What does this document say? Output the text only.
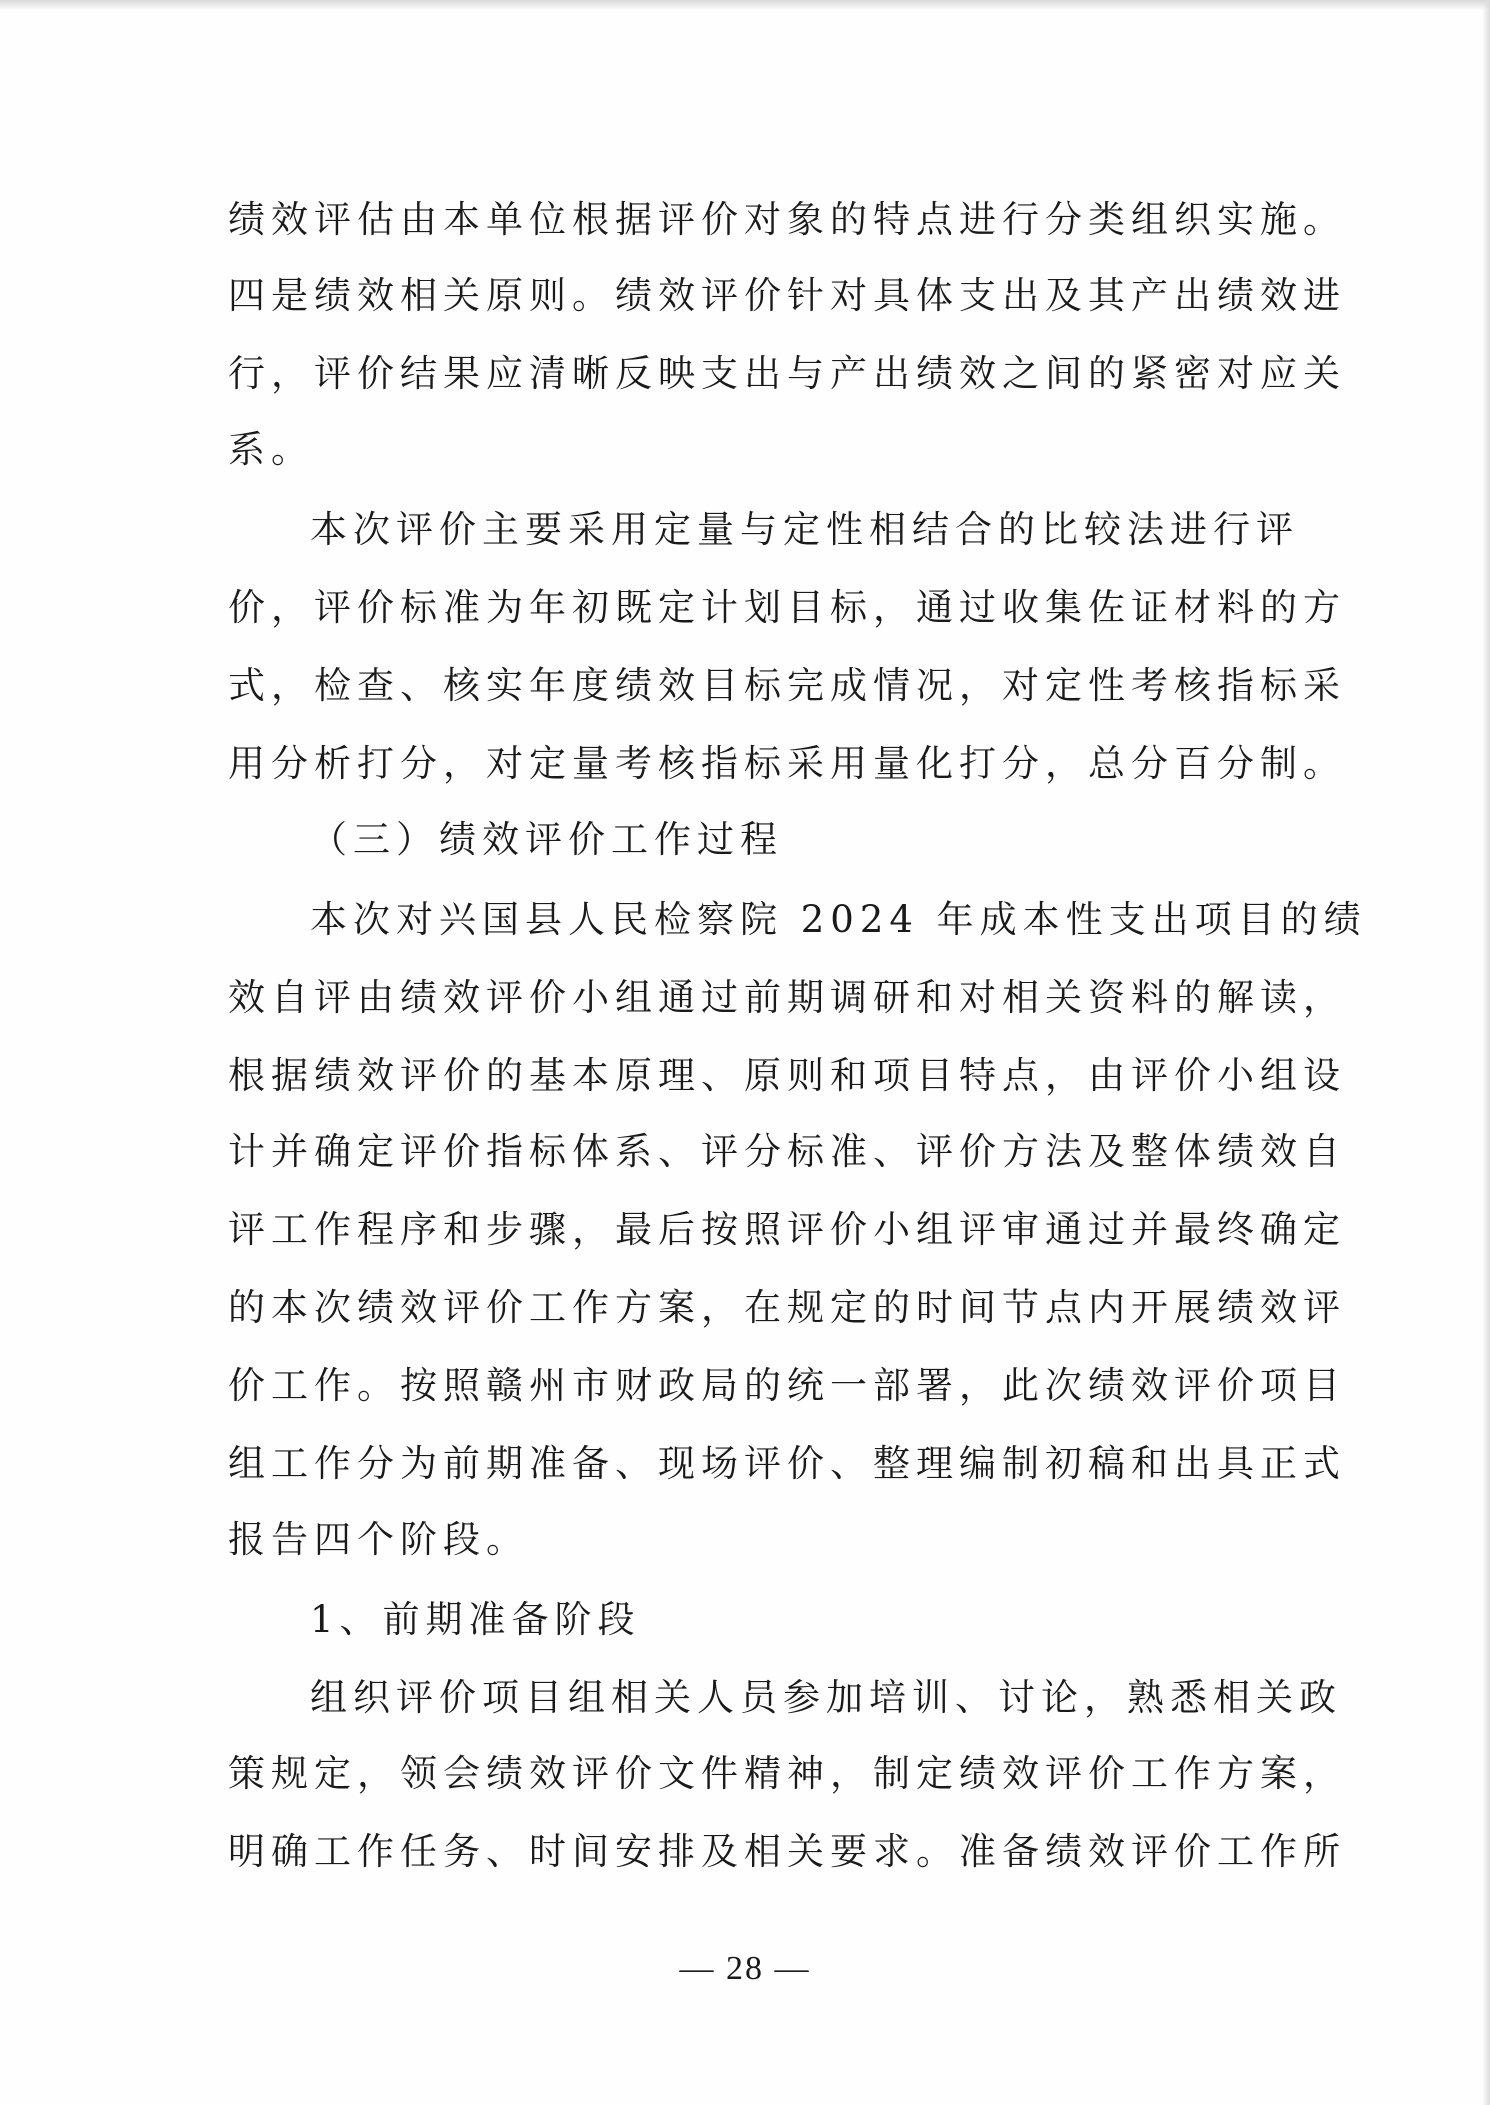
绩效评估由本单位根据评价对象的特点进行分类组织实施。
四是绩效相关原则。绩效评价针对具体支出及其产出绩效进
行，评价结果应清晰反映支出与产出绩效之间的紧密对应关
系。
本次评价主要采用定量与定性相结合的比较法进行评
价，评价标准为年初既定计划目标，通过收集佐证材料的方
式，检查、核实年度绩效目标完成情况，对定性考核指标采
用分析打分，对定量考核指标采用量化打分，总分百分制。
（三）绩效评价工作过程
本次对兴国县人民检察院 2024 年成本性支出项目的绩
效自评由绩效评价小组通过前期调研和对相关资料的解读，
根据绩效评价的基本原理、原则和项目特点，由评价小组设
计并确定评价指标体系、评分标准、评价方法及整体绩效自
评工作程序和步骤，最后按照评价小组评审通过并最终确定
的本次绩效评价工作方案，在规定的时间节点内开展绩效评
价工作。按照赣州市财政局的统一部署，此次绩效评价项目
组工作分为前期准备、现场评价、整理编制初稿和出具正式
报告四个阶段。
1、前期准备阶段
组织评价项目组相关人员参加培训、讨论，熟悉相关政
策规定，领会绩效评价文件精神，制定绩效评价工作方案，
明确工作任务、时间安排及相关要求。准备绩效评价工作所
— 28 —
